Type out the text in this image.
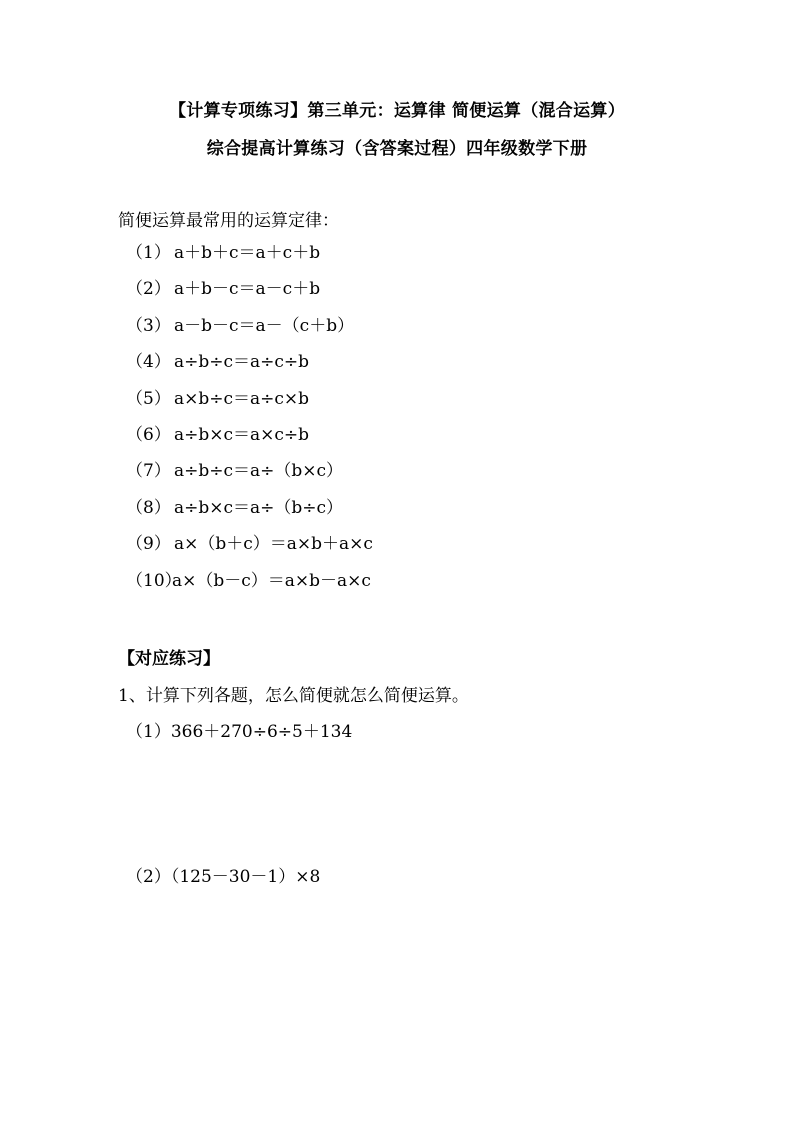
【计算专项练习】第三单元：运算律 简便运算（混合运算）
综合提高计算练习（含答案过程）四年级数学下册
简便运算最常用的运算定律：
（1） a＋b＋c＝a＋c＋b
（2） a＋b－c＝a－c＋b
（3） a－b－c＝a－（c＋b）
（4） a÷b÷c＝a÷c÷b
（5） a×b÷c＝a÷c×b
（6） a÷b×c＝a×c÷b
（7） a÷b÷c＝a÷（b×c）
（8） a÷b×c＝a÷（b÷c）
（9） a×（b＋c）＝a×b＋a×c
（10）
a×（b－c）＝a×b－a×c
【对应练习】
1、计算下列各题，怎么简便就怎么简便运算。
（1）366＋270÷6÷5＋134
（2）（125－30－1）×8
